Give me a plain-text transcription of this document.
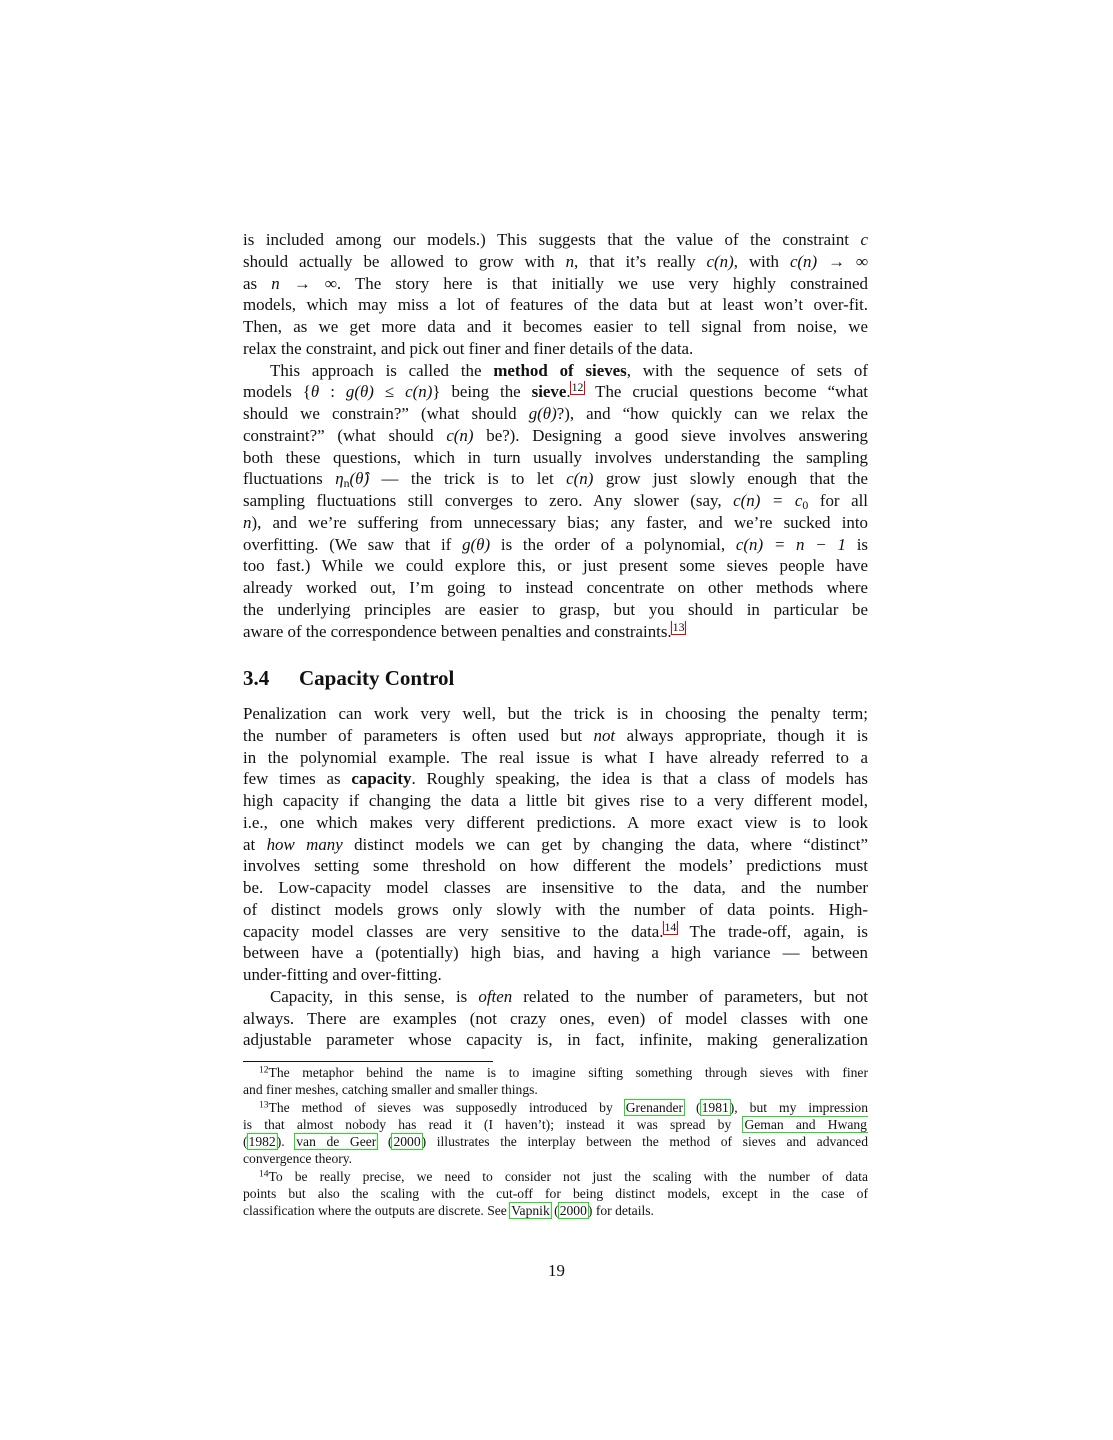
is included among our models.) This suggests that the value of the constraint c
should actually be allowed to grow with n, that it’s really c(n), with c(n) → ∞
as n → ∞. The story here is that initially we use very highly constrained
models, which may miss a lot of features of the data but at least won’t over-fit.
Then, as we get more data and it becomes easier to tell signal from noise, we
relax the constraint, and pick out finer and finer details of the data.
This approach is called the method of sieves, with the sequence of sets of
models {θ : g(θ) ≤ c(n)} being the sieve.$^{12}$ The crucial questions become “what
should we constrain?” (what should g(θ)?), and “how quickly can we relax the
constraint?” (what should c(n) be?). Designing a good sieve involves answering
both these questions, which in turn usually involves understanding the sampling
fluctuations $\eta_n(\thetâ)$ — the trick is to let c(n) grow just slowly enough that the
sampling fluctuations still converges to zero. Any slower (say, $c(n) = c_0$ for all
n), and we’re suffering from unnecessary bias; any faster, and we’re sucked into
overfitting. (We saw that if g(θ) is the order of a polynomial, c(n) = n − 1 is
too fast.) While we could explore this, or just present some sieves people have
already worked out, I’m going to instead concentrate on other methods where
the underlying principles are easier to grasp, but you should in particular be
aware of the correspondence between penalties and constraints.$^{13}$
3.4 Capacity Control
Penalization can work very well, but the trick is in choosing the penalty term;
the number of parameters is often used but not always appropriate, though it is
in the polynomial example. The real issue is what I have already referred to a
few times as capacity. Roughly speaking, the idea is that a class of models has
high capacity if changing the data a little bit gives rise to a very different model,
i.e., one which makes very different predictions. A more exact view is to look
at how many distinct models we can get by changing the data, where “distinct”
involves setting some threshold on how different the models’ predictions must
be. Low-capacity model classes are insensitive to the data, and the number
of distinct models grows only slowly with the number of data points. High-
capacity model classes are very sensitive to the data.$^{14}$ The trade-off, again, is
between have a (potentially) high bias, and having a high variance — between
under-fitting and over-fitting.
Capacity, in this sense, is often related to the number of parameters, but not
always. There are examples (not crazy ones, even) of model classes with one
adjustable parameter whose capacity is, in fact, infinite, making generalization
$^{12}$The metaphor behind the name is to imagine sifting something through sieves with finer
and finer meshes, catching smaller and smaller things.
$^{13}$The method of sieves was supposedly introduced by Grenander (1981), but my impression
is that almost nobody has read it (I haven’t); instead it was spread by Geman and Hwang
(1982). van de Geer (2000) illustrates the interplay between the method of sieves and advanced
convergence theory.
$^{14}$To be really precise, we need to consider not just the scaling with the number of data
points but also the scaling with the cut-off for being distinct models, except in the case of
classification where the outputs are discrete. See Vapnik (2000) for details.
19
